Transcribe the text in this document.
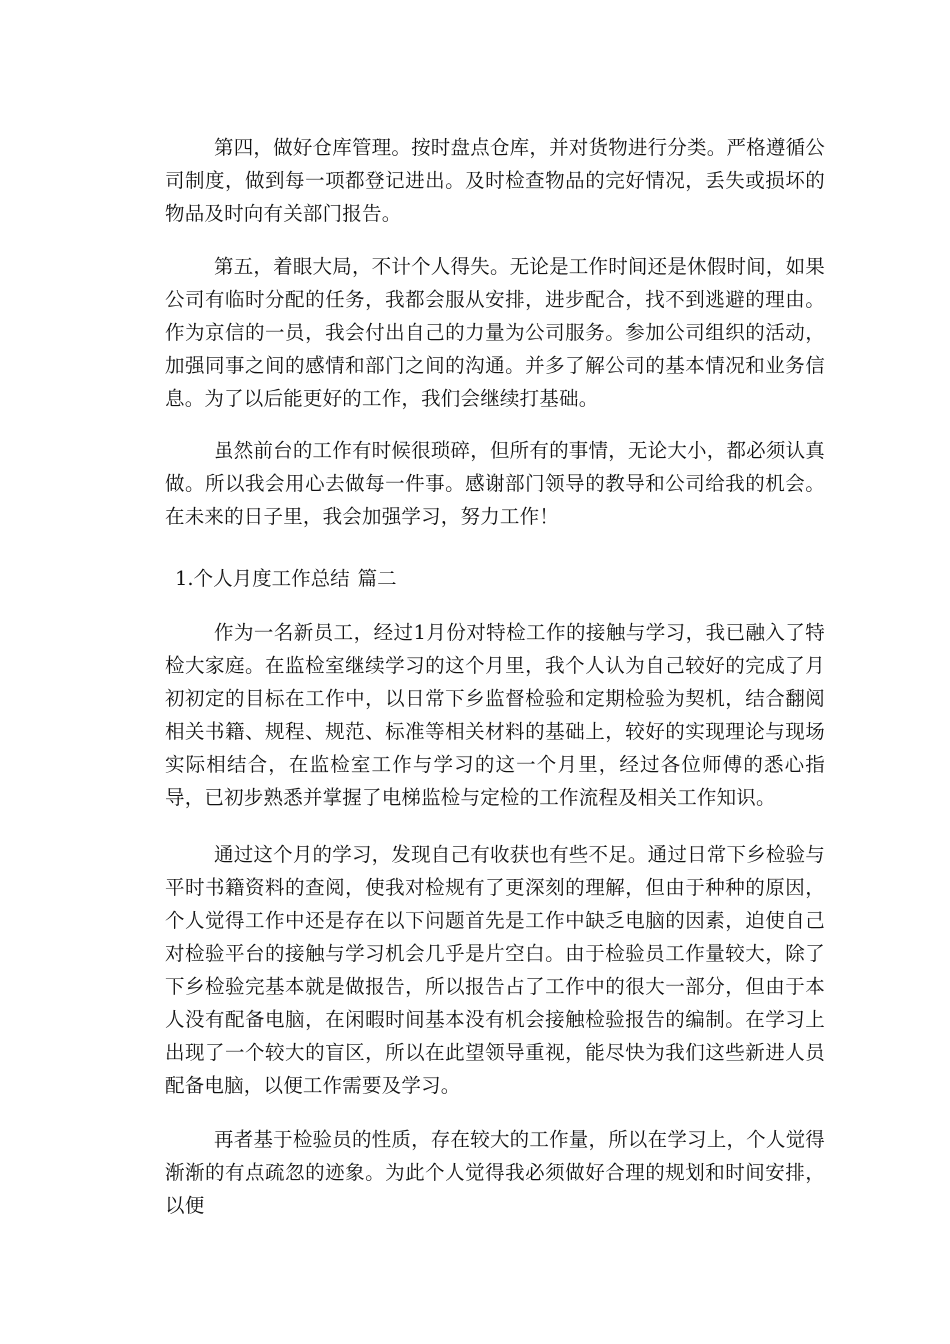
第四，做好仓库管理。按时盘点仓库，并对货物进行分类。严格遵循公司制度，做到每一项都登记进出。及时检查物品的完好情况，丢失或损坏的物品及时向有关部门报告。

第五，着眼大局，不计个人得失。无论是工作时间还是休假时间，如果公司有临时分配的任务，我都会服从安排，进步配合，找不到逃避的理由。作为京信的一员，我会付出自己的力量为公司服务。参加公司组织的活动，加强同事之间的感情和部门之间的沟通。并多了解公司的基本情况和业务信息。为了以后能更好的工作，我们会继续打基础。

虽然前台的工作有时候很琐碎，但所有的事情，无论大小，都必须认真做。所以我会用心去做每一件事。感谢部门领导的教导和公司给我的机会。在未来的日子里，我会加强学习，努力工作！

1.个人月度工作总结 篇二

作为一名新员工，经过1月份对特检工作的接触与学习，我已融入了特检大家庭。在监检室继续学习的这个月里，我个人认为自己较好的完成了月初初定的目标在工作中，以日常下乡监督检验和定期检验为契机，结合翻阅相关书籍、规程、规范、标准等相关材料的基础上，较好的实现理论与现场实际相结合，在监检室工作与学习的这一个月里，经过各位师傅的悉心指导，已初步熟悉并掌握了电梯监检与定检的工作流程及相关工作知识。

通过这个月的学习，发现自己有收获也有些不足。通过日常下乡检验与平时书籍资料的查阅，使我对检规有了更深刻的理解，但由于种种的原因，个人觉得工作中还是存在以下问题首先是工作中缺乏电脑的因素，迫使自己对检验平台的接触与学习机会几乎是片空白。由于检验员工作量较大，除了下乡检验完基本就是做报告，所以报告占了工作中的很大一部分，但由于本人没有配备电脑，在闲暇时间基本没有机会接触检验报告的编制。在学习上出现了一个较大的盲区，所以在此望领导重视，能尽快为我们这些新进人员配备电脑，以便工作需要及学习。

再者基于检验员的性质，存在较大的工作量，所以在学习上，个人觉得渐渐的有点疏忽的迹象。为此个人觉得我必须做好合理的规划和时间安排，以便
